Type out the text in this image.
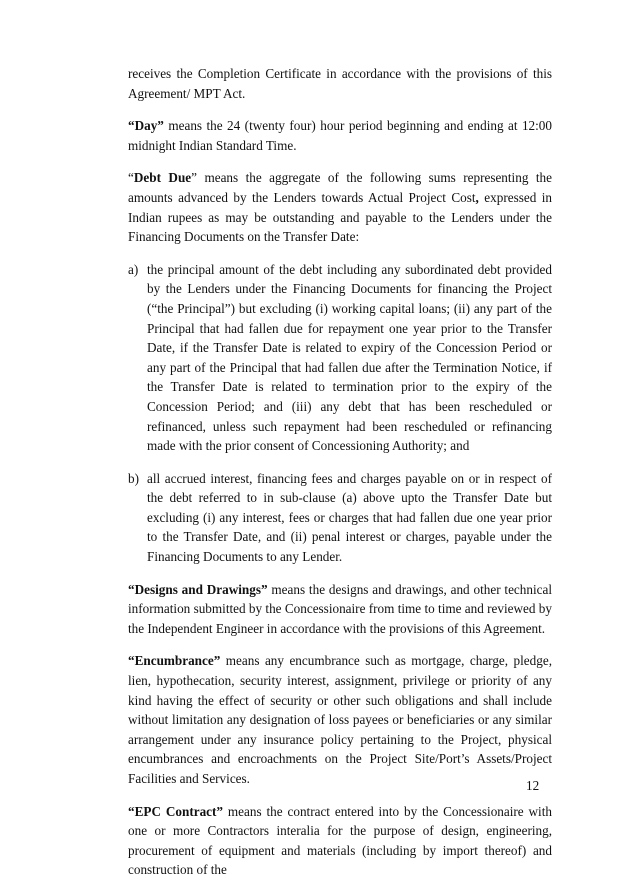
receives the Completion Certificate in accordance with the provisions of this Agreement/ MPT Act.

“Day” means the 24 (twenty four) hour period beginning and ending at 12:00 midnight Indian Standard Time.

“Debt Due” means the aggregate of the following sums representing the amounts advanced by the Lenders towards Actual Project Cost, expressed in Indian rupees as may be outstanding and payable to the Lenders under the Financing Documents on the Transfer Date:

a) the principal amount of the debt including any subordinated debt provided by the Lenders under the Financing Documents for financing the Project (“the Principal”) but excluding (i) working capital loans; (ii) any part of the Principal that had fallen due for repayment one year prior to the Transfer Date, if the Transfer Date is related to expiry of the Concession Period or any part of the Principal that had fallen due after the Termination Notice, if the Transfer Date is related to termination prior to the expiry of the Concession Period; and (iii) any debt that has been rescheduled or refinanced, unless such repayment had been rescheduled or refinancing made with the prior consent of Concessioning Authority; and
b) all accrued interest, financing fees and charges payable on or in respect of the debt referred to in sub-clause (a) above upto the Transfer Date but excluding (i) any interest, fees or charges that had fallen due one year prior to the Transfer Date, and (ii) penal interest or charges, payable under the Financing Documents to any Lender.

“Designs and Drawings” means the designs and drawings, and other technical information submitted by the Concessionaire from time to time and reviewed by the Independent Engineer in accordance with the provisions of this Agreement.

“Encumbrance” means any encumbrance such as mortgage, charge, pledge, lien, hypothecation, security interest, assignment, privilege or priority of any kind having the effect of security or other such obligations and shall include without limitation any designation of loss payees or beneficiaries or any similar arrangement under any insurance policy pertaining to the Project, physical encumbrances and encroachments on the Project Site/Port’s Assets/Project Facilities and Services.

“EPC Contract” means the contract entered into by the Concessionaire with one or more Contractors interalia for the purpose of design, engineering, procurement of equipment and materials (including by import thereof) and construction of the

12
